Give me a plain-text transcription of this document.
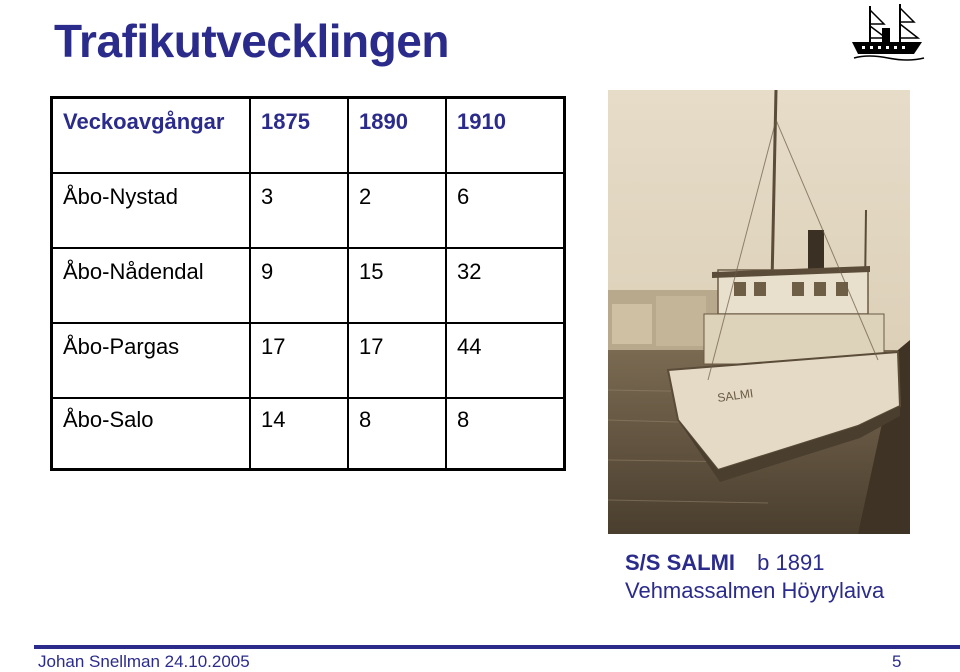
Trafikutvecklingen
Veckoavgångar	1875	1890	1910
Åbo-Nystad	3	2	6
Åbo-Nådendal	9	15	32
Åbo-Pargas	17	17	44
Åbo-Salo	14	8	8
SALMI
S/S SALMI b 1891
Vehmassalmen Höyrylaiva
Johan Snellman 24.10.2005	5
